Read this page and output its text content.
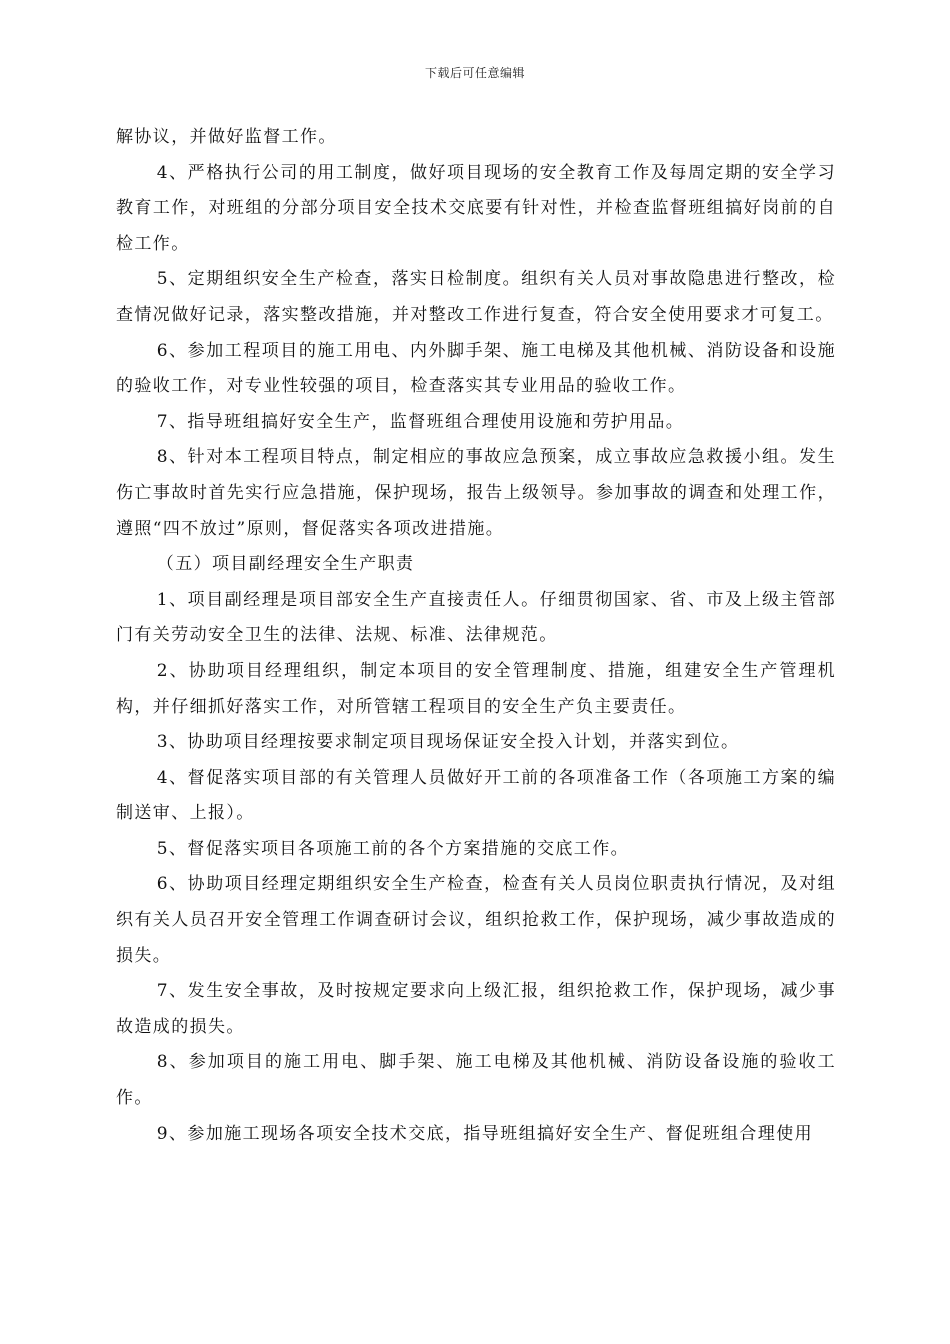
下载后可任意编辑

解协议，并做好监督工作。

4、严格执行公司的用工制度，做好项目现场的安全教育工作及每周定期的安全学习教育工作，对班组的分部分项目安全技术交底要有针对性，并检查监督班组搞好岗前的自检工作。

5、定期组织安全生产检查，落实日检制度。组织有关人员对事故隐患进行整改，检查情况做好记录，落实整改措施，并对整改工作进行复查，符合安全使用要求才可复工。

6、参加工程项目的施工用电、内外脚手架、施工电梯及其他机械、消防设备和设施的验收工作，对专业性较强的项目，检查落实其专业用品的验收工作。

7、指导班组搞好安全生产，监督班组合理使用设施和劳护用品。

8、针对本工程项目特点，制定相应的事故应急预案，成立事故应急救援小组。发生伤亡事故时首先实行应急措施，保护现场，报告上级领导。参加事故的调查和处理工作，遵照“四不放过”原则，督促落实各项改进措施。

（五）项目副经理安全生产职责

1、项目副经理是项目部安全生产直接责任人。仔细贯彻国家、省、市及上级主管部门有关劳动安全卫生的法律、法规、标准、法律规范。

2、协助项目经理组织，制定本项目的安全管理制度、措施，组建安全生产管理机构，并仔细抓好落实工作，对所管辖工程项目的安全生产负主要责任。

3、协助项目经理按要求制定项目现场保证安全投入计划，并落实到位。

4、督促落实项目部的有关管理人员做好开工前的各项准备工作（各项施工方案的编制送审、上报）。

5、督促落实项目各项施工前的各个方案措施的交底工作。

6、协助项目经理定期组织安全生产检查，检查有关人员岗位职责执行情况，及对组织有关人员召开安全管理工作调查研讨会议，组织抢救工作，保护现场，减少事故造成的损失。

7、发生安全事故，及时按规定要求向上级汇报，组织抢救工作，保护现场，减少事故造成的损失。

8、参加项目的施工用电、脚手架、施工电梯及其他机械、消防设备设施的验收工作。

9、参加施工现场各项安全技术交底，指导班组搞好安全生产、督促班组合理使用
